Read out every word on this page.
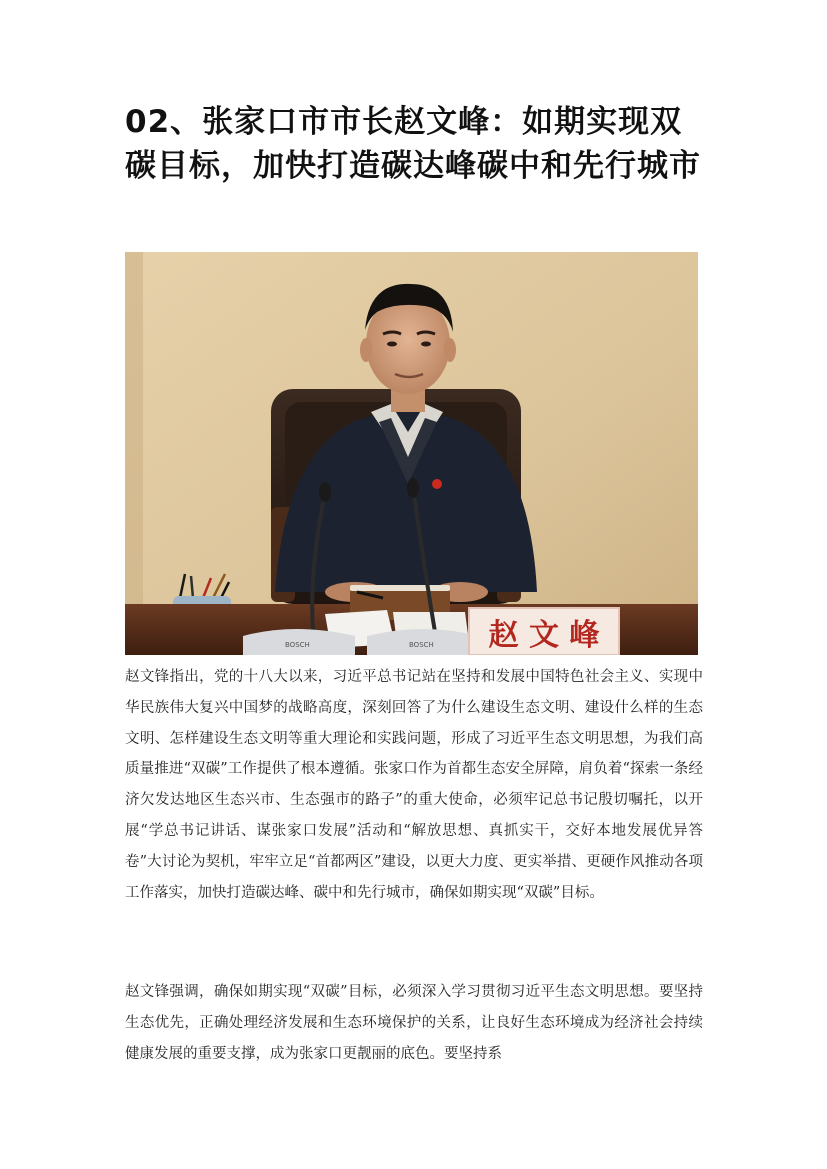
02、张家口市市长赵文峰：如期实现双碳目标，加快打造碳达峰碳中和先行城市
BOSCH	BOSCH 赵 文 峰

赵文锋指出，党的十八大以来，习近平总书记站在坚持和发展中国特色社会主义、实现中华民族伟大复兴中国梦的战略高度，深刻回答了为什么建设生态文明、建设什么样的生态文明、怎样建设生态文明等重大理论和实践问题，形成了习近平生态文明思想，为我们高质量推进“双碳”工作提供了根本遵循。张家口作为首都生态安全屏障，肩负着“探索一条经济欠发达地区生态兴市、生态强市的路子”的重大使命，必须牢记总书记殷切嘱托，以开展“学总书记讲话、谋张家口发展”活动和“解放思想、真抓实干，交好本地发展优异答卷”大讨论为契机，牢牢立足“首都两区”建设，以更大力度、更实举措、更硬作风推动各项工作落实，加快打造碳达峰、碳中和先行城市，确保如期实现“双碳”目标。

赵文锋强调，确保如期实现“双碳”目标，必须深入学习贯彻习近平生态文明思想。要坚持生态优先，正确处理经济发展和生态环境保护的关系，让良好生态环境成为经济社会持续健康发展的重要支撑，成为张家口更靓丽的底色。要坚持系
